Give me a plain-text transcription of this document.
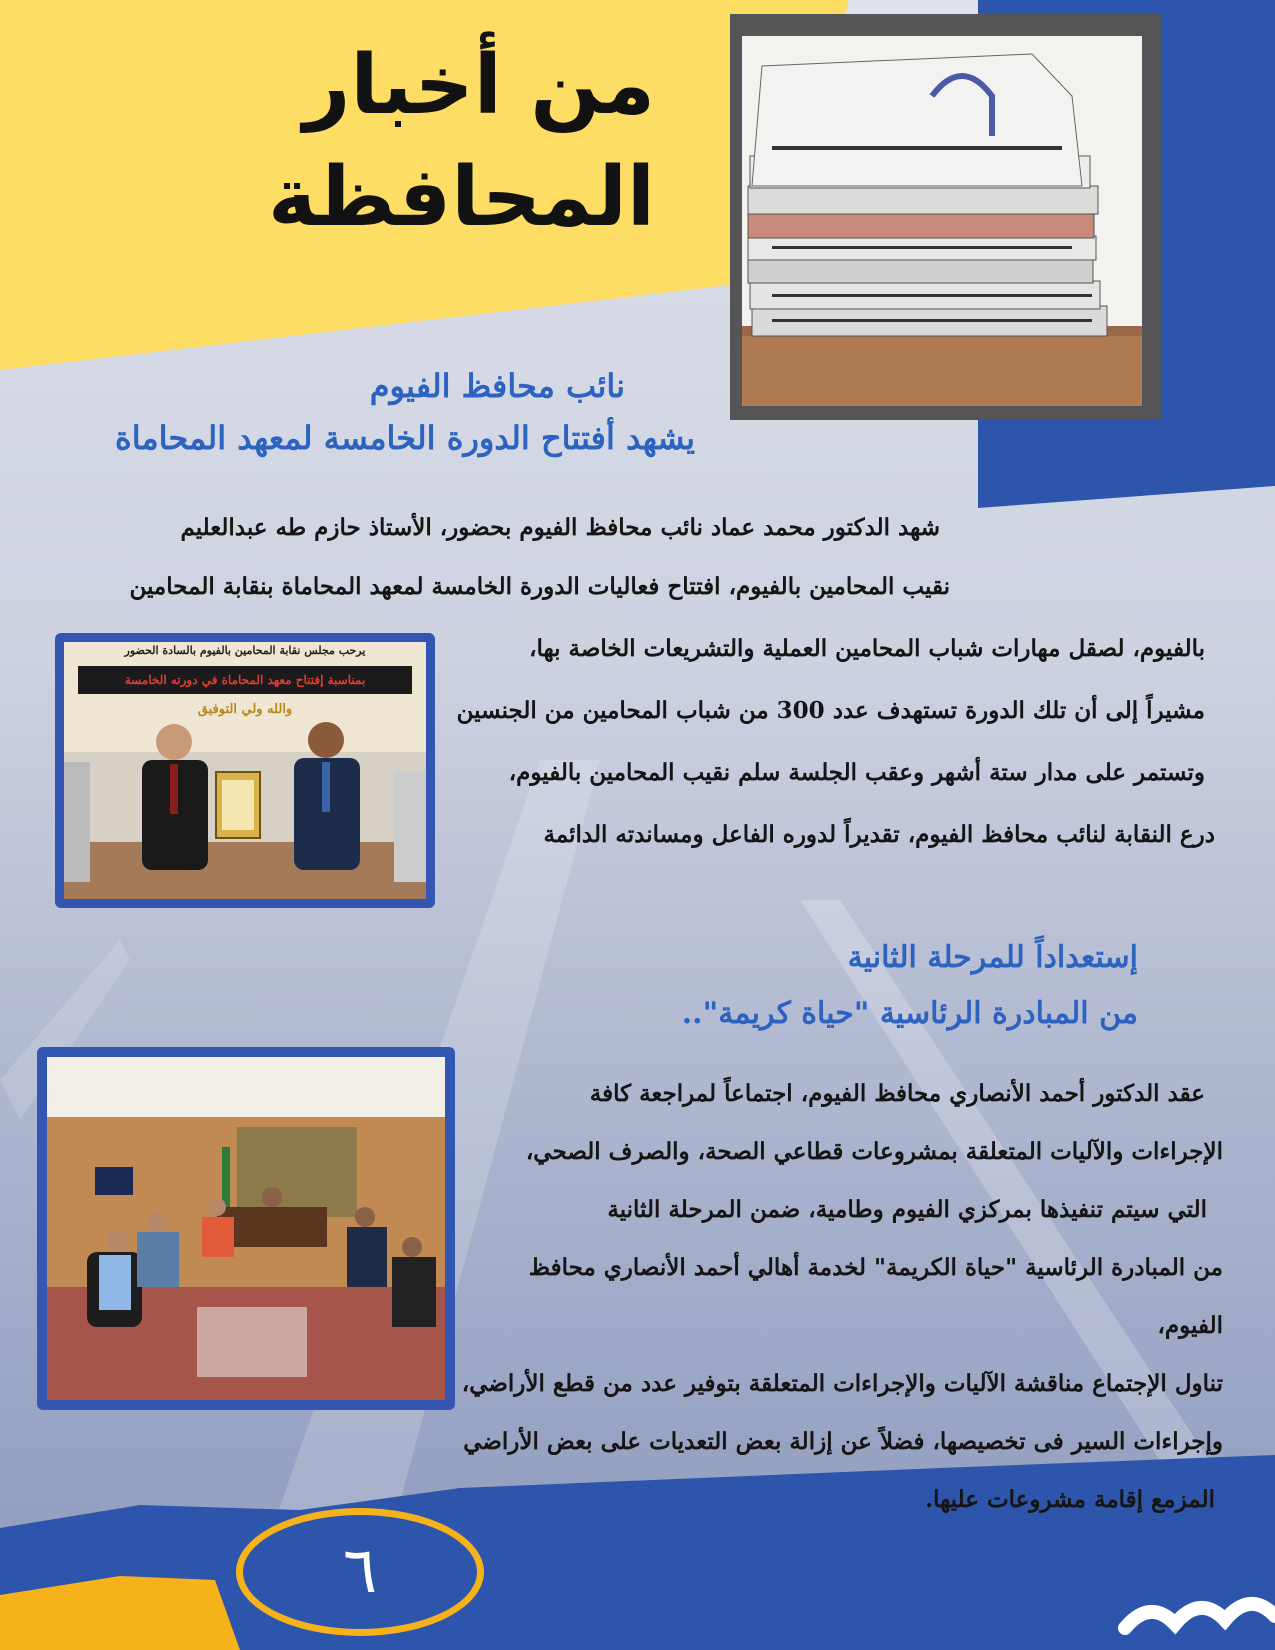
من أخبار
المحافظة
نائب محافظ الفيوم
يشهد أفتتاح الدورة الخامسة لمعهد المحاماة
شهد الدكتور محمد عماد نائب محافظ الفيوم بحضور، الأستاذ حازم طه عبدالعليم
نقيب المحامين بالفيوم، افتتاح فعاليات الدورة الخامسة لمعهد المحاماة بنقابة المحامين
يرحب مجلس نقابة المحامين بالفيوم بالسادة الحضور
بمناسبة إفتتاح معهد المحاماة في دورته الخامسة
والله ولي التوفيق
بالفيوم، لصقل مهارات شباب المحامين العملية والتشريعات الخاصة بها،
مشيراً إلى أن تلك الدورة تستهدف عدد 300 من شباب المحامين من الجنسين
وتستمر على مدار ستة أشهر وعقب الجلسة سلم نقيب المحامين بالفيوم،
درع النقابة لنائب محافظ الفيوم، تقديراً لدوره الفاعل ومساندته الدائمة
إستعداداً للمرحلة الثانية
من المبادرة الرئاسية "حياة كريمة"..
عقد الدكتور أحمد الأنصاري محافظ الفيوم، اجتماعاً لمراجعة كافة
الإجراءات والآليات المتعلقة بمشروعات قطاعي الصحة، والصرف الصحي،
التي سيتم تنفيذها بمركزي الفيوم وطامية، ضمن المرحلة الثانية
من المبادرة الرئاسية "حياة الكريمة" لخدمة أهالي أحمد الأنصاري محافظ الفيوم،
تناول الإجتماع مناقشة الآليات والإجراءات المتعلقة بتوفير عدد من قطع الأراضي،
وإجراءات السير فى تخصيصها، فضلاً عن إزالة بعض التعديات على بعض الأراضي
المزمع إقامة مشروعات عليها.
٦
